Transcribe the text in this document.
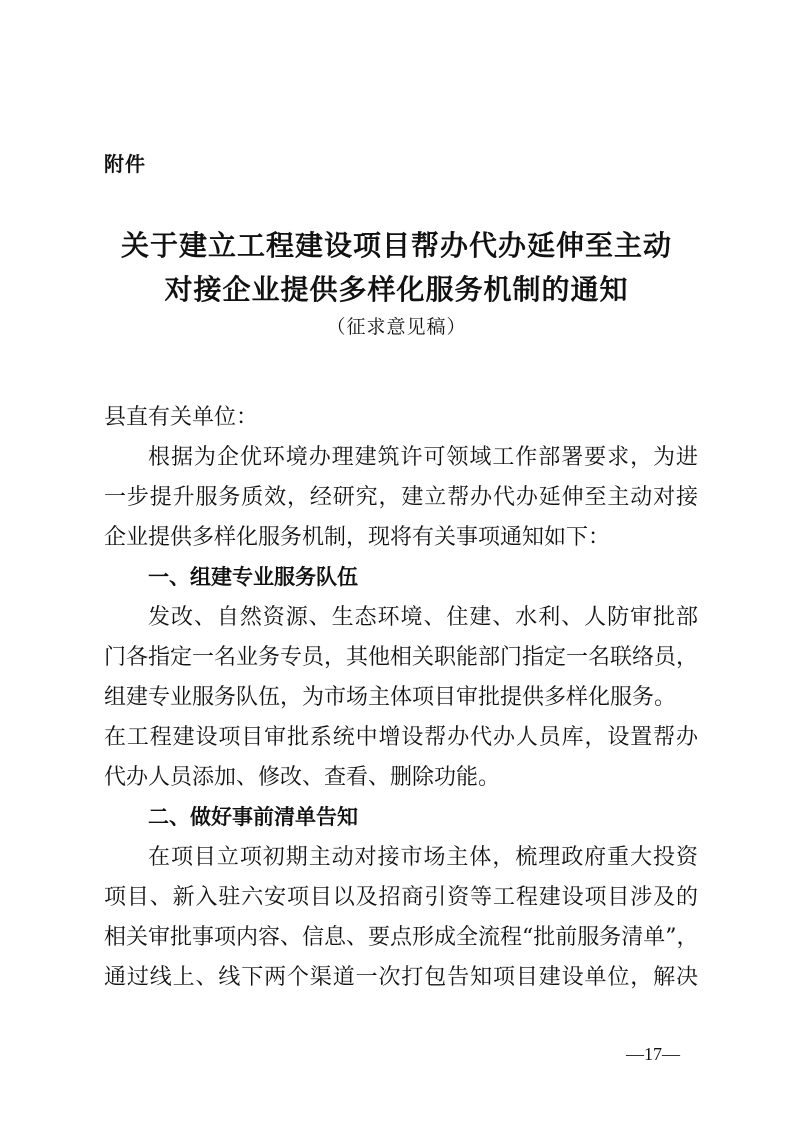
附件
关于建立工程建设项目帮办代办延伸至主动
对接企业提供多样化服务机制的通知
（征求意见稿）
县直有关单位：
根据为企优环境办理建筑许可领域工作部署要求，为进
一步提升服务质效，经研究，建立帮办代办延伸至主动对接
企业提供多样化服务机制，现将有关事项通知如下：
一、组建专业服务队伍
发改、自然资源、生态环境、住建、水利、人防审批部
门各指定一名业务专员，其他相关职能部门指定一名联络员，
组建专业服务队伍，为市场主体项目审批提供多样化服务。
在工程建设项目审批系统中增设帮办代办人员库，设置帮办
代办人员添加、修改、查看、删除功能。
二、做好事前清单告知
在项目立项初期主动对接市场主体，梳理政府重大投资
项目、新入驻六安项目以及招商引资等工程建设项目涉及的
相关审批事项内容、信息、要点形成全流程“批前服务清单”，
通过线上、线下两个渠道一次打包告知项目建设单位，解决
—17—
